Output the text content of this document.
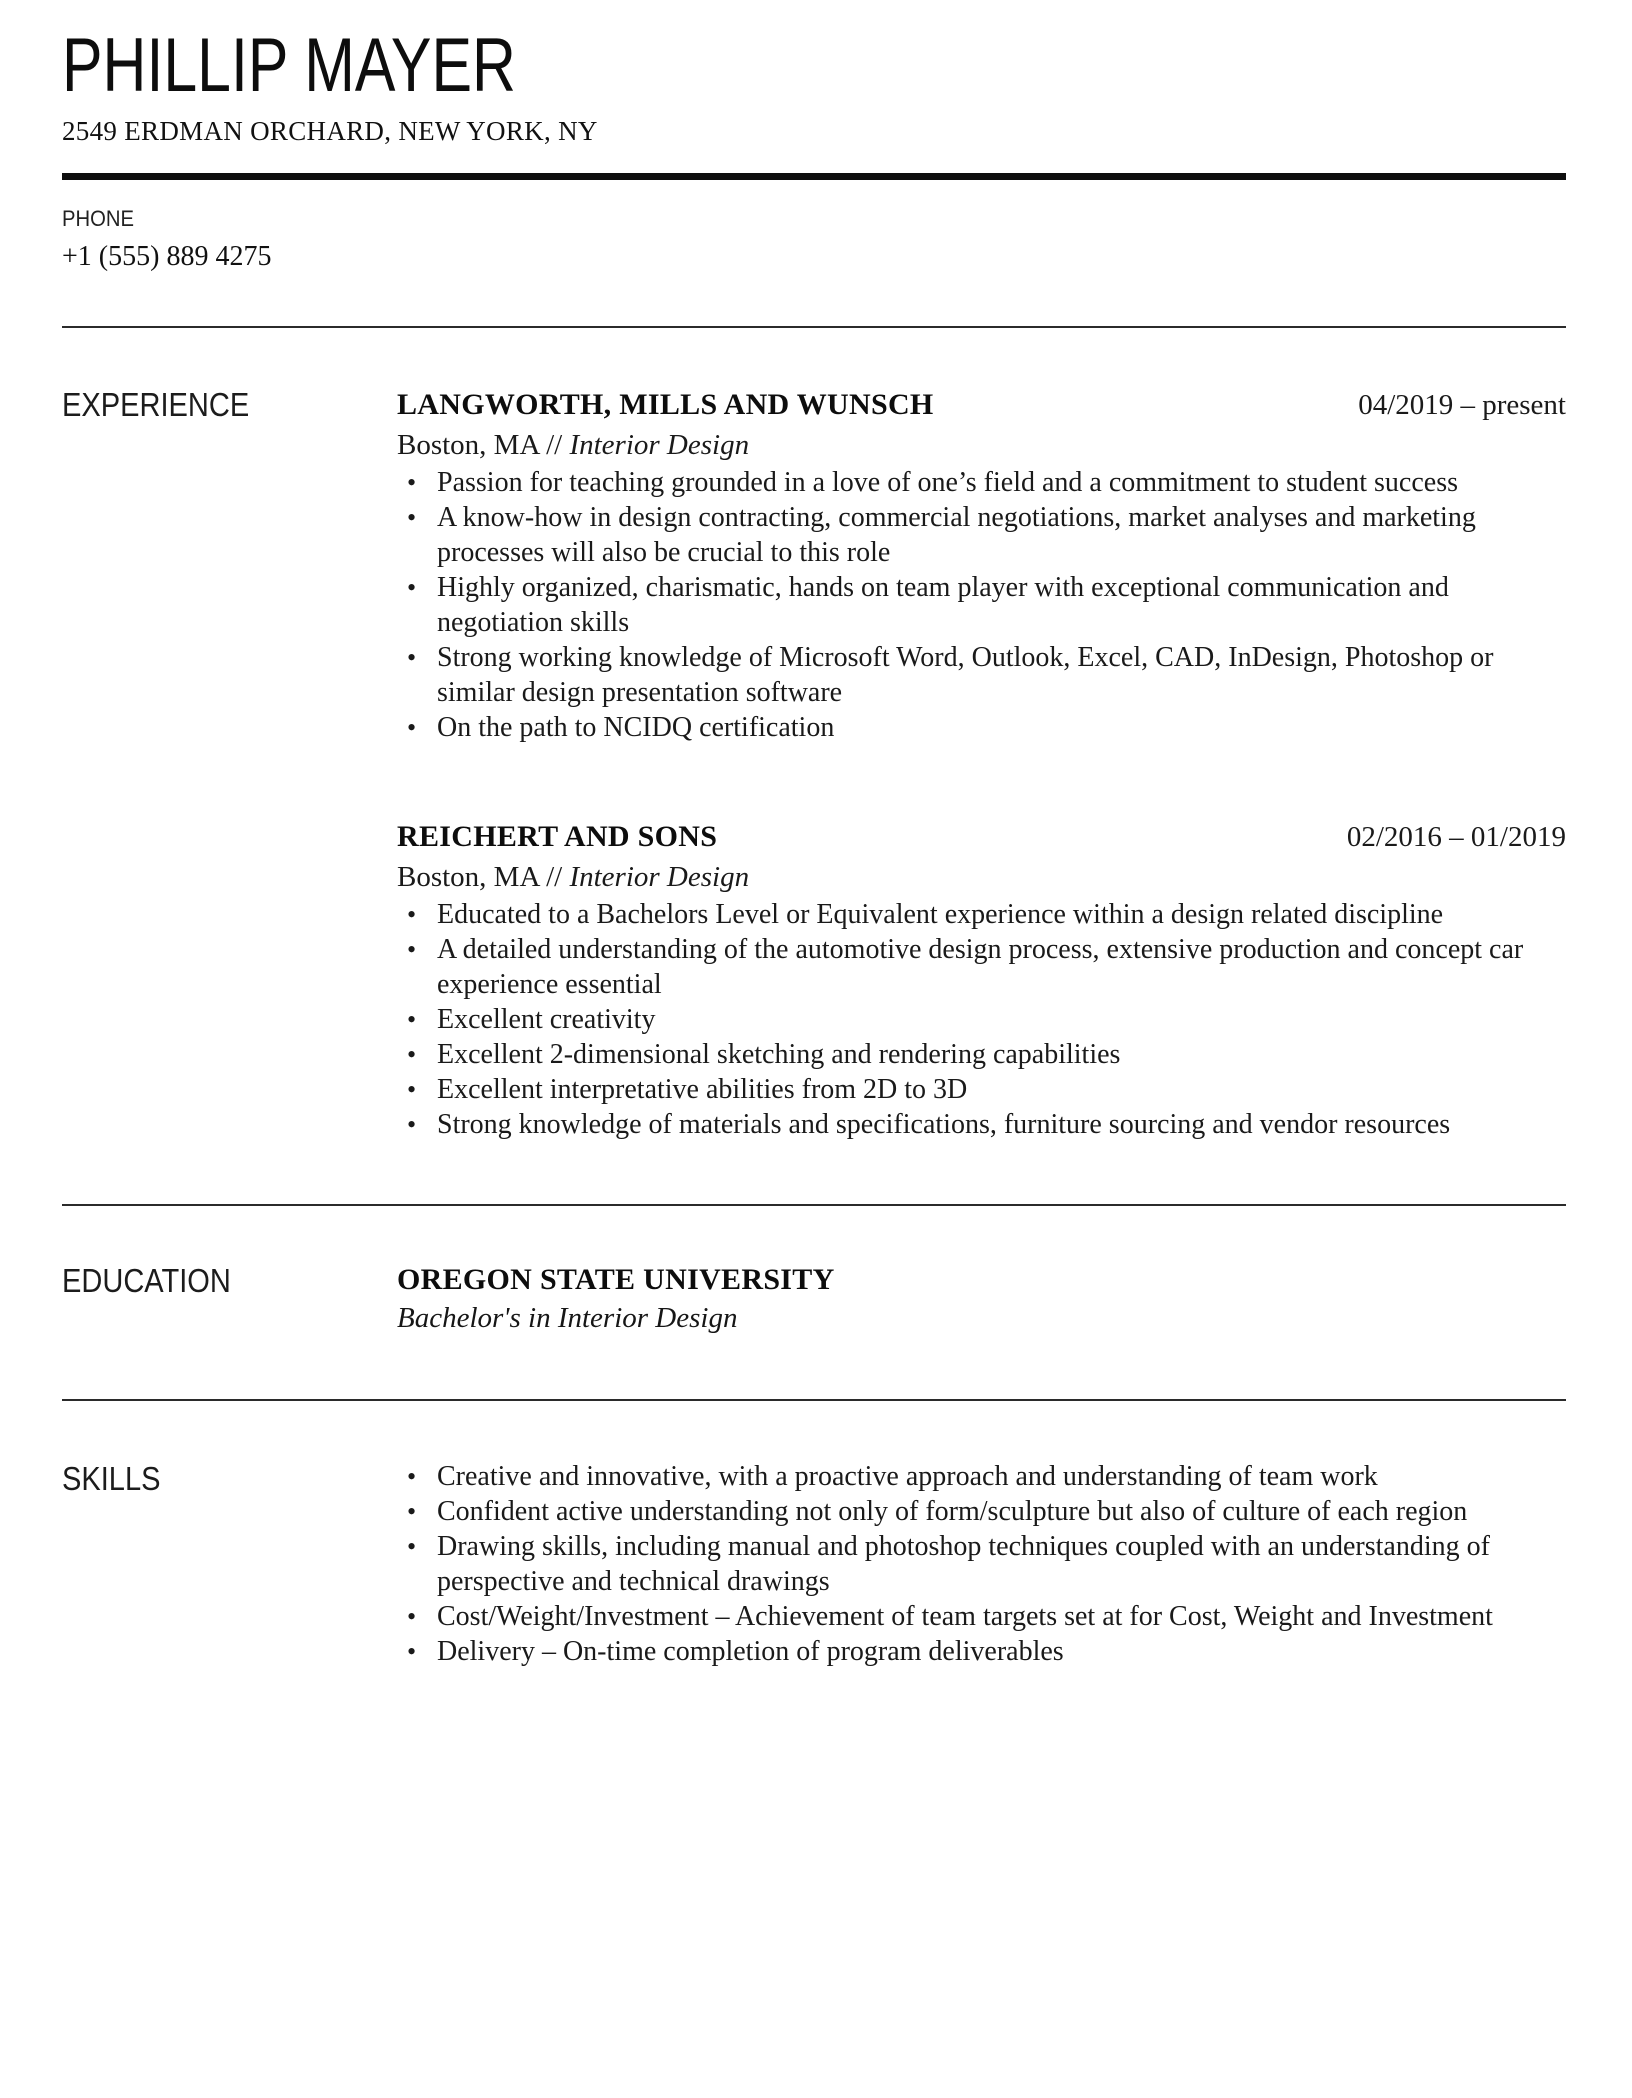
PHILLIP MAYER
2549 ERDMAN ORCHARD, NEW YORK, NY
PHONE
+1 (555) 889 4275
EXPERIENCE	LANGWORTH, MILLS AND WUNSCH	04/2019 – present
Boston, MA // Interior Design
• Passion for teaching grounded in a love of one’s field and a commitment to student success
• A know-how in design contracting, commercial negotiations, market analyses and marketing processes will also be crucial to this role
• Highly organized, charismatic, hands on team player with exceptional communication and negotiation skills
• Strong working knowledge of Microsoft Word, Outlook, Excel, CAD, InDesign, Photoshop or similar design presentation software
• On the path to NCIDQ certification
REICHERT AND SONS	02/2016 – 01/2019
Boston, MA // Interior Design
• Educated to a Bachelors Level or Equivalent experience within a design related discipline
• A detailed understanding of the automotive design process, extensive production and concept car experience essential
• Excellent creativity
• Excellent 2-dimensional sketching and rendering capabilities
• Excellent interpretative abilities from 2D to 3D
• Strong knowledge of materials and specifications, furniture sourcing and vendor resources
EDUCATION	OREGON STATE UNIVERSITY
Bachelor's in Interior Design
SKILLS	• Creative and innovative, with a proactive approach and understanding of team work
• Confident active understanding not only of form/sculpture but also of culture of each region
• Drawing skills, including manual and photoshop techniques coupled with an understanding of perspective and technical drawings
• Cost/Weight/Investment – Achievement of team targets set at for Cost, Weight and Investment
• Delivery – On-time completion of program deliverables
